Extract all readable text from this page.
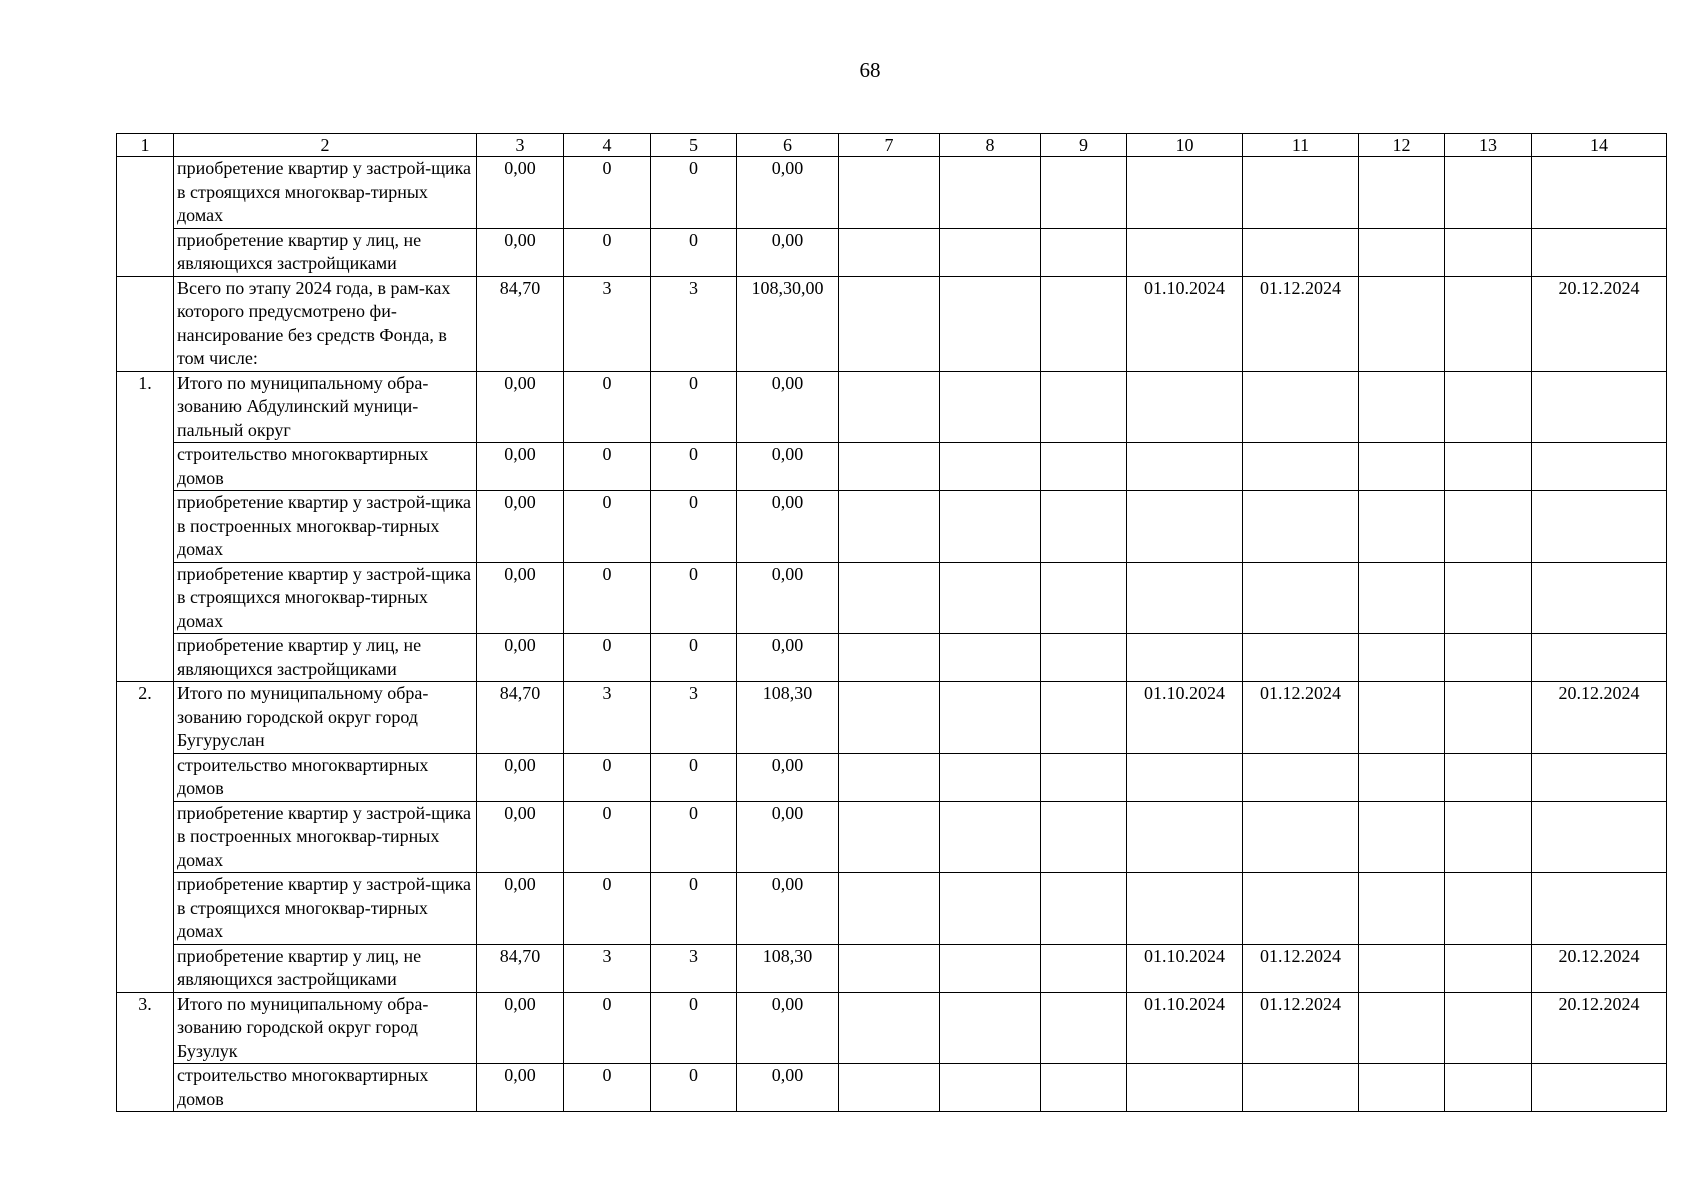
68
1	2	3	4	5	6	7	8	9	10	11	12	13	14
	приобретение квартир у застрой-щика в строящихся многоквар-тирных домах	0,00	0	0	0,00								
	приобретение квартир у лиц, не являющихся застройщиками	0,00	0	0	0,00								
	Всего по этапу 2024 года, в рам-ках которого предусмотрено фи-нансирование без средств Фонда, в том числе:	84,70	3	3	108,30,00				01.10.2024	01.12.2024			20.12.2024
1.	Итого по муниципальному обра-зованию Абдулинский муници-пальный округ	0,00	0	0	0,00								
	строительство многоквартирных домов	0,00	0	0	0,00								
	приобретение квартир у застрой-щика в построенных многоквар-тирных домах	0,00	0	0	0,00								
	приобретение квартир у застрой-щика в строящихся многоквар-тирных домах	0,00	0	0	0,00								
	приобретение квартир у лиц, не являющихся застройщиками	0,00	0	0	0,00								
2.	Итого по муниципальному обра-зованию городской округ город Бугуруслан	84,70	3	3	108,30				01.10.2024	01.12.2024			20.12.2024
	строительство многоквартирных домов	0,00	0	0	0,00								
	приобретение квартир у застрой-щика в построенных многоквар-тирных домах	0,00	0	0	0,00								
	приобретение квартир у застрой-щика в строящихся многоквар-тирных домах	0,00	0	0	0,00								
	приобретение квартир у лиц, не являющихся застройщиками	84,70	3	3	108,30				01.10.2024	01.12.2024			20.12.2024
3.	Итого по муниципальному обра-зованию городской округ город Бузулук	0,00	0	0	0,00				01.10.2024	01.12.2024			20.12.2024
	строительство многоквартирных домов	0,00	0	0	0,00								
